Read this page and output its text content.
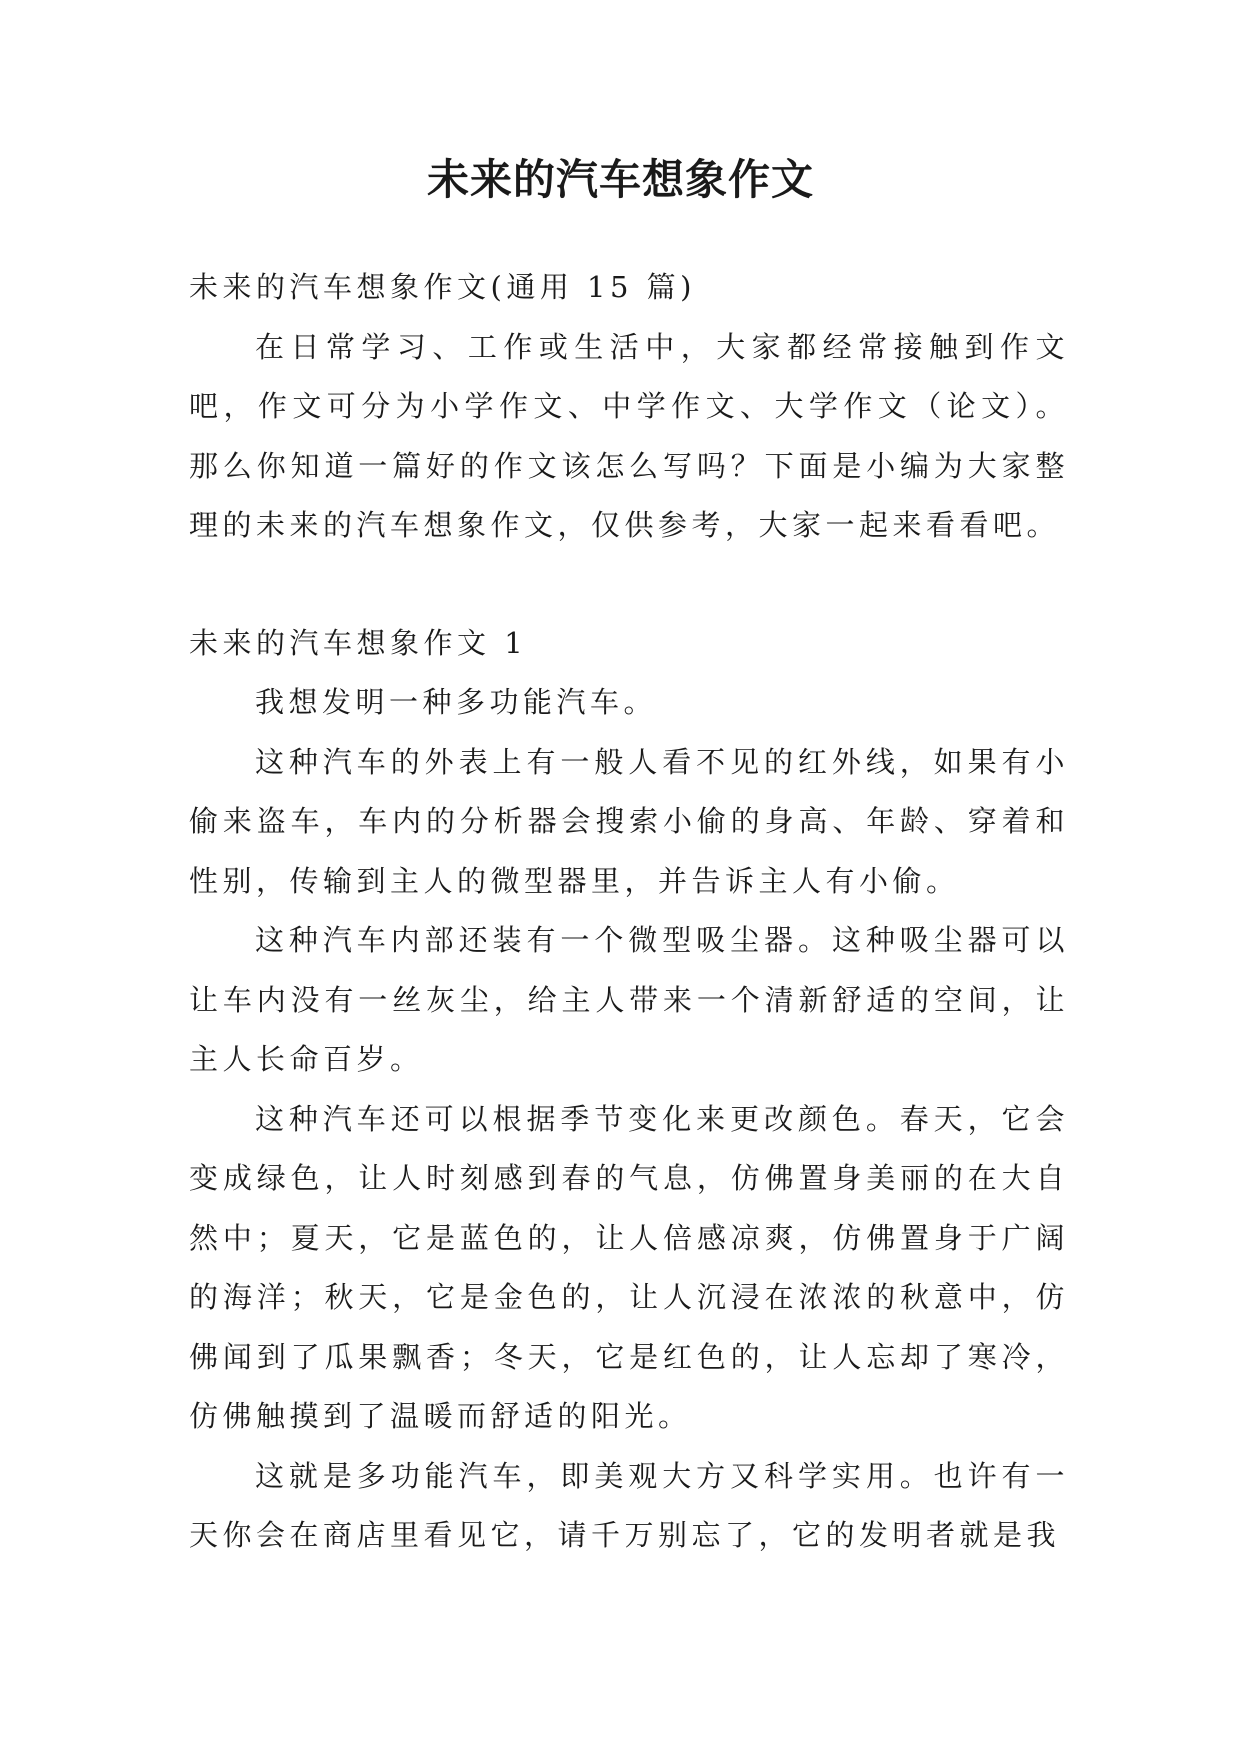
未来的汽车想象作文

未来的汽车想象作文(通用 15 篇)

在日常学习、工作或生活中，大家都经常接触到作文吧，作文可分为小学作文、中学作文、大学作文（论文）。那么你知道一篇好的作文该怎么写吗？下面是小编为大家整理的未来的汽车想象作文，仅供参考，大家一起来看看吧。

未来的汽车想象作文 1

我想发明一种多功能汽车。

这种汽车的外表上有一般人看不见的红外线，如果有小偷来盗车，车内的分析器会搜索小偷的身高、年龄、穿着和性别，传输到主人的微型器里，并告诉主人有小偷。

这种汽车内部还装有一个微型吸尘器。这种吸尘器可以让车内没有一丝灰尘，给主人带来一个清新舒适的空间，让主人长命百岁。

这种汽车还可以根据季节变化来更改颜色。春天，它会变成绿色，让人时刻感到春的气息，仿佛置身美丽的在大自然中；夏天，它是蓝色的，让人倍感凉爽，仿佛置身于广阔的海洋；秋天，它是金色的，让人沉浸在浓浓的秋意中，仿佛闻到了瓜果飘香；冬天，它是红色的，让人忘却了寒冷，仿佛触摸到了温暖而舒适的阳光。

这就是多功能汽车，即美观大方又科学实用。也许有一天你会在商店里看见它，请千万别忘了，它的发明者就是我
